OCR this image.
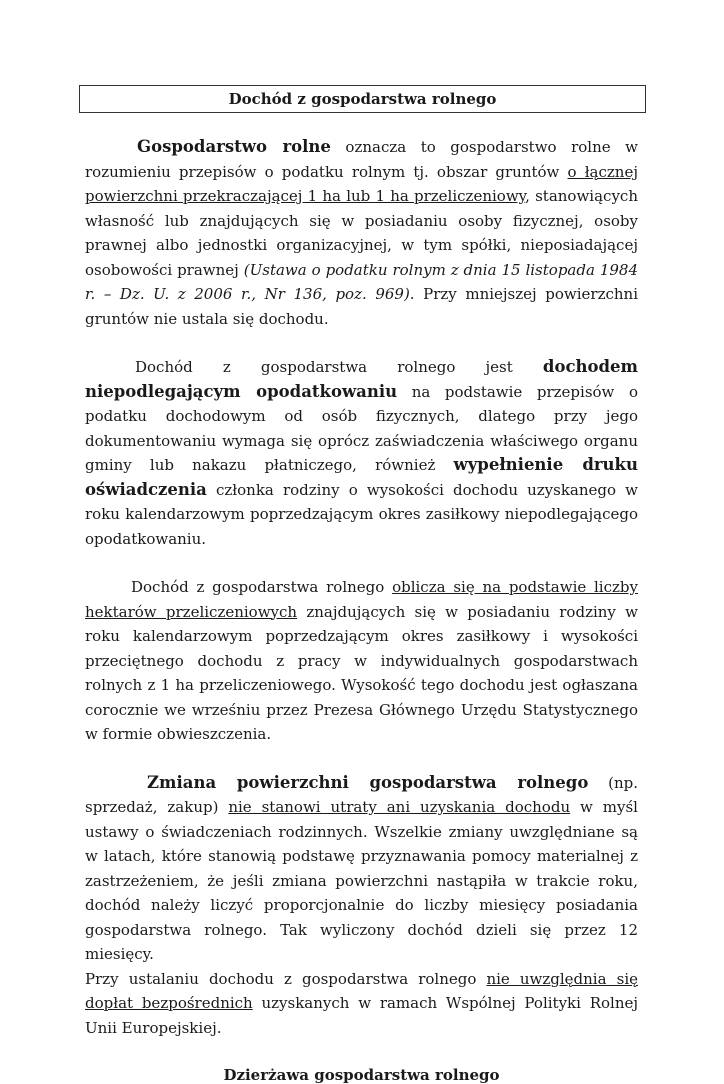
Dochód z gospodarstwa rolnego

Gospodarstwo rolne oznacza to gospodarstwo rolne w rozumieniu przepisów o podatku rolnym tj. obszar gruntów o łącznej powierzchni przekraczającej 1 ha lub 1 ha przeliczeniowy, stanowiących własność lub znajdujących się w posiadaniu osoby fizycznej, osoby prawnej albo jednostki organizacyjnej, w tym spółki, nieposiadającej osobowości prawnej (Ustawa o podatku rolnym z dnia 15 listopada 1984 r. – Dz. U. z 2006 r., Nr 136, poz. 969). Przy mniejszej powierzchni gruntów nie ustala się dochodu.

Dochód z gospodarstwa rolnego jest dochodem niepodlegającym opodatkowaniu na podstawie przepisów o podatku dochodowym od osób fizycznych, dlatego przy jego dokumentowaniu wymaga się oprócz zaświadczenia właściwego organu gminy lub nakazu płatniczego, również wypełnienie druku oświadczenia członka rodziny o wysokości dochodu uzyskanego w roku kalendarzowym poprzedzającym okres zasiłkowy niepodlegającego opodatkowaniu.

Dochód z gospodarstwa rolnego oblicza się na podstawie liczby hektarów przeliczeniowych znajdujących się w posiadaniu rodziny w roku kalendarzowym poprzedzającym okres zasiłkowy i wysokości przeciętnego dochodu z pracy w indywidualnych gospodarstwach rolnych z 1 ha przeliczeniowego. Wysokość tego dochodu jest ogłaszana corocznie we wrześniu przez Prezesa Głównego Urzędu Statystycznego w formie obwieszczenia.

Zmiana powierzchni gospodarstwa rolnego (np. sprzedaż, zakup) nie stanowi utraty ani uzyskania dochodu w myśl ustawy o świadczeniach rodzinnych. Wszelkie zmiany uwzględniane są w latach, które stanowią podstawę przyznawania pomocy materialnej z zastrzeżeniem, że jeśli zmiana powierzchni nastąpiła w trakcie roku, dochód należy liczyć proporcjonalnie do liczby miesięcy posiadania gospodarstwa rolnego. Tak wyliczony dochód dzieli się przez 12 miesięcy.

Przy ustalaniu dochodu z gospodarstwa rolnego nie uwzględnia się dopłat bezpośrednich uzyskanych w ramach Wspólnej Polityki Rolnej Unii Europejskiej.

Dzierżawa gospodarstwa rolnego
